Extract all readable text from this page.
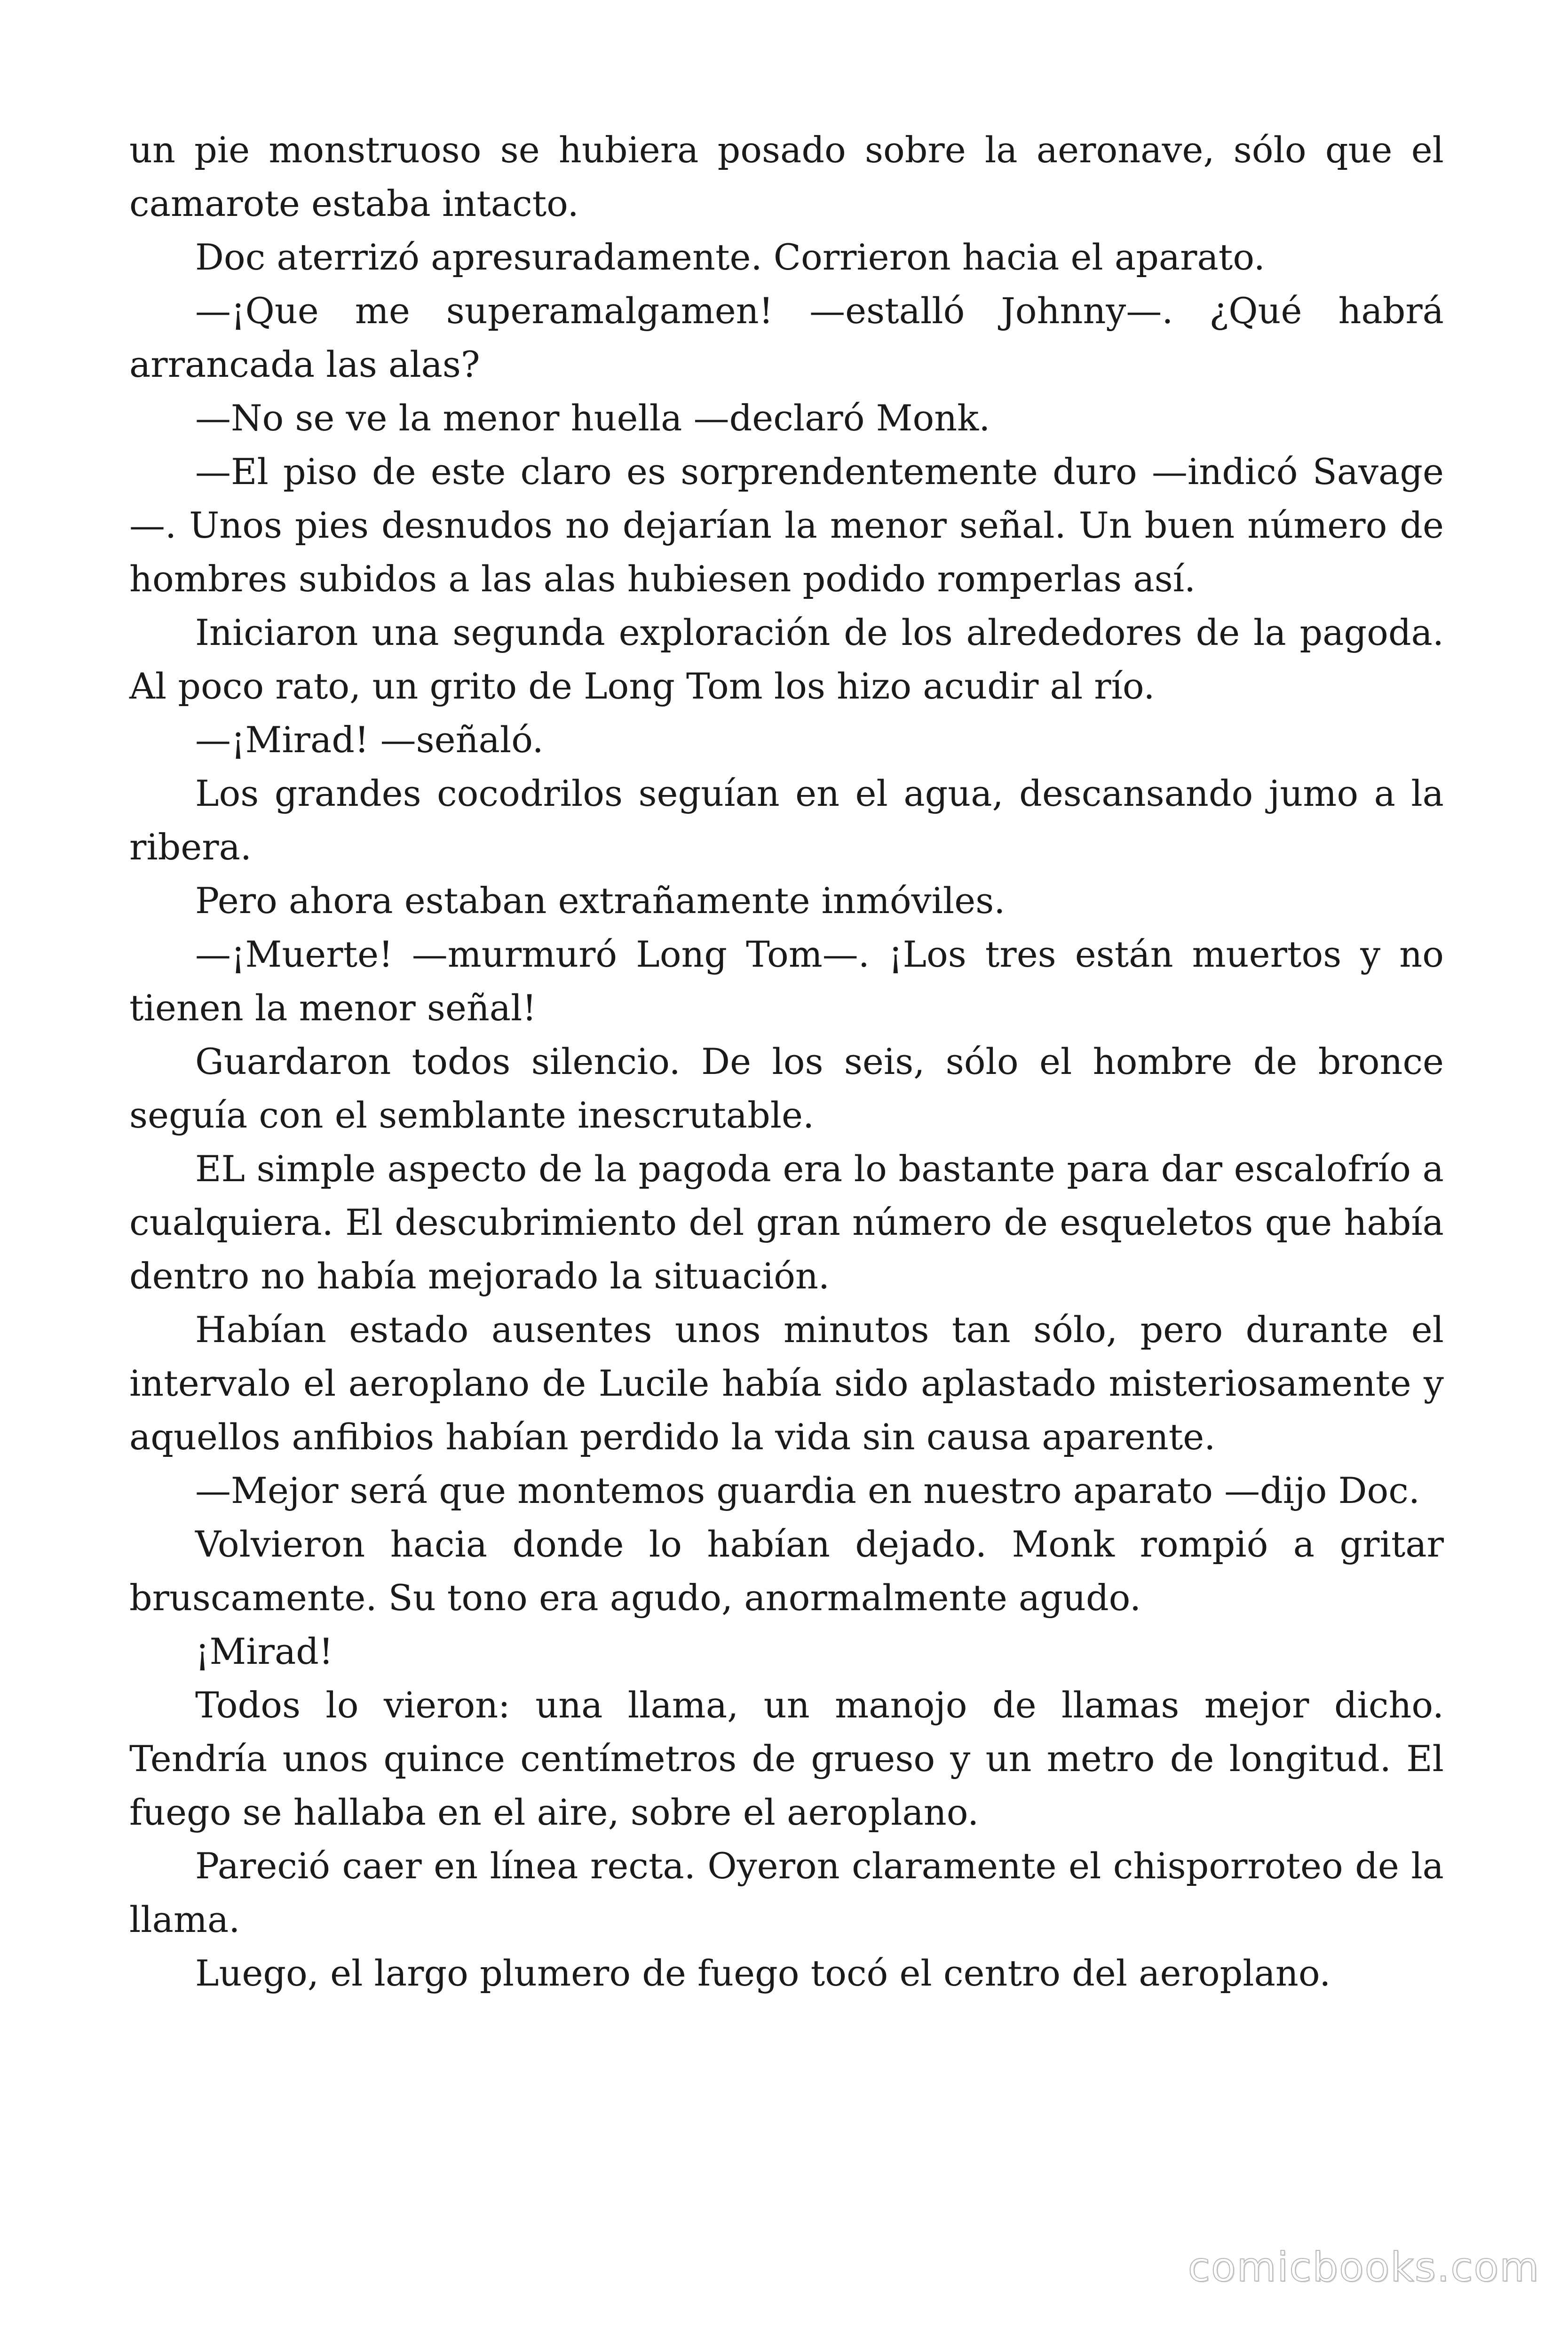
un pie monstruoso se hubiera posado sobre la aeronave, sólo que el camarote estaba intacto.

Doc aterrizó apresuradamente. Corrieron hacia el aparato.

—¡Que me superamalgamen! —estalló Johnny—. ¿Qué habrá arrancada las alas?

—No se ve la menor huella —declaró Monk.

—El piso de este claro es sorprendentemente duro —indicó Savage—. Unos pies desnudos no dejarían la menor señal. Un buen número de hombres subidos a las alas hubiesen podido romperlas así.

Iniciaron una segunda exploración de los alrededores de la pagoda. Al poco rato, un grito de Long Tom los hizo acudir al río.

—¡Mirad! —señaló.

Los grandes cocodrilos seguían en el agua, descansando jumo a la ribera.

Pero ahora estaban extrañamente inmóviles.

—¡Muerte! —murmuró Long Tom—. ¡Los tres están muertos y no tienen la menor señal!

Guardaron todos silencio. De los seis, sólo el hombre de bronce seguía con el semblante inescrutable.

EL simple aspecto de la pagoda era lo bastante para dar escalofrío a cualquiera. El descubrimiento del gran número de esqueletos que había dentro no había mejorado la situación.

Habían estado ausentes unos minutos tan sólo, pero durante el intervalo el aeroplano de Lucile había sido aplastado misteriosamente y aquellos anfibios habían perdido la vida sin causa aparente.

—Mejor será que montemos guardia en nuestro aparato —dijo Doc.

Volvieron hacia donde lo habían dejado. Monk rompió a gritar bruscamente. Su tono era agudo, anormalmente agudo.

¡Mirad!

Todos lo vieron: una llama, un manojo de llamas mejor dicho. Tendría unos quince centímetros de grueso y un metro de longitud. El fuego se hallaba en el aire, sobre el aeroplano.

Pareció caer en línea recta. Oyeron claramente el chisporroteo de la llama.

Luego, el largo plumero de fuego tocó el centro del aeroplano.

comicbooks.com
